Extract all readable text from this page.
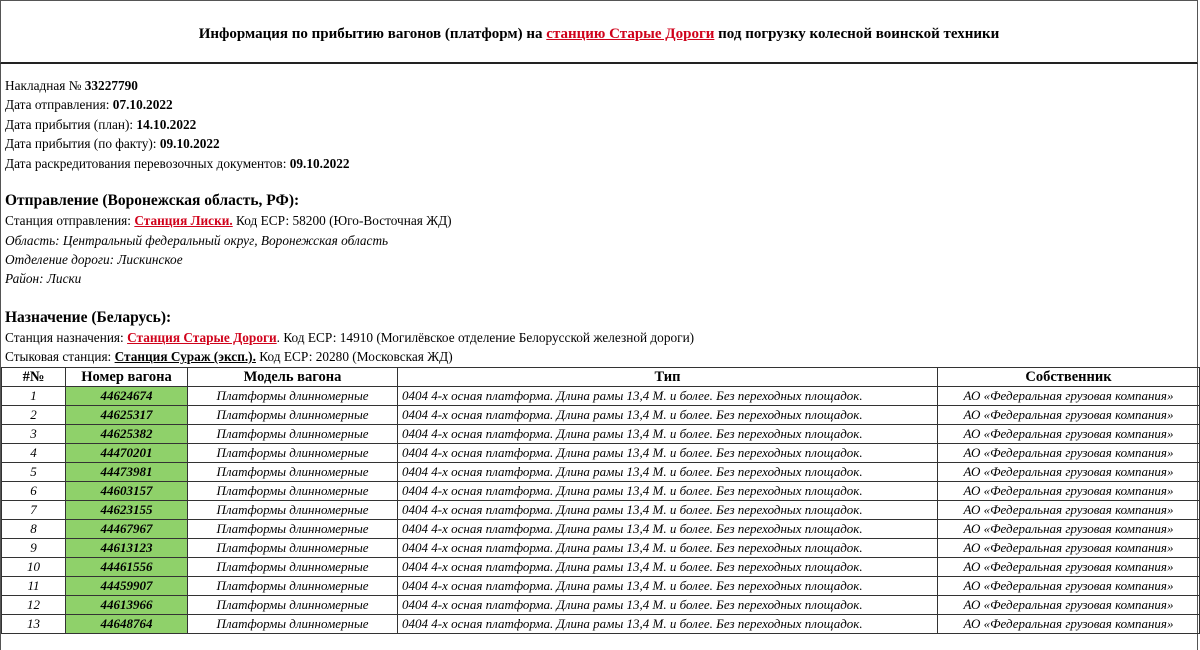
Информация по прибытию вагонов (платформ) на станцию Старые Дороги под погрузку колесной воинской техники
Накладная № 33227790
Дата отправления: 07.10.2022
Дата прибытия (план): 14.10.2022
Дата прибытия (по факту): 09.10.2022
Дата раскредитования перевозочных документов: 09.10.2022
Отправление (Воронежская область, РФ):
Станция отправления: Станция Лиски. Код ЕСР: 58200 (Юго-Восточная ЖД)
Область: Центральный федеральный округ, Воронежская область
Отделение дороги: Лискинское
Район: Лиски
Назначение (Беларусь):
Станция назначения: Станция Старые Дороги. Код ЕСР: 14910 (Могилёвское отделение Белорусской железной дороги)
Стыковая станция: Станция Сураж (эксп.). Код ЕСР: 20280 (Московская ЖД)
#№	Номер вагона	Модель вагона	Тип	Собственник
1	44624674	Платформы длинномерные	0404 4-х осная платформа. Длина рамы 13,4 М. и более. Без переходных площадок.	АО «Федеральная грузовая компания»
2	44625317	Платформы длинномерные	0404 4-х осная платформа. Длина рамы 13,4 М. и более. Без переходных площадок.	АО «Федеральная грузовая компания»
3	44625382	Платформы длинномерные	0404 4-х осная платформа. Длина рамы 13,4 М. и более. Без переходных площадок.	АО «Федеральная грузовая компания»
4	44470201	Платформы длинномерные	0404 4-х осная платформа. Длина рамы 13,4 М. и более. Без переходных площадок.	АО «Федеральная грузовая компания»
5	44473981	Платформы длинномерные	0404 4-х осная платформа. Длина рамы 13,4 М. и более. Без переходных площадок.	АО «Федеральная грузовая компания»
6	44603157	Платформы длинномерные	0404 4-х осная платформа. Длина рамы 13,4 М. и более. Без переходных площадок.	АО «Федеральная грузовая компания»
7	44623155	Платформы длинномерные	0404 4-х осная платформа. Длина рамы 13,4 М. и более. Без переходных площадок.	АО «Федеральная грузовая компания»
8	44467967	Платформы длинномерные	0404 4-х осная платформа. Длина рамы 13,4 М. и более. Без переходных площадок.	АО «Федеральная грузовая компания»
9	44613123	Платформы длинномерные	0404 4-х осная платформа. Длина рамы 13,4 М. и более. Без переходных площадок.	АО «Федеральная грузовая компания»
10	44461556	Платформы длинномерные	0404 4-х осная платформа. Длина рамы 13,4 М. и более. Без переходных площадок.	АО «Федеральная грузовая компания»
11	44459907	Платформы длинномерные	0404 4-х осная платформа. Длина рамы 13,4 М. и более. Без переходных площадок.	АО «Федеральная грузовая компания»
12	44613966	Платформы длинномерные	0404 4-х осная платформа. Длина рамы 13,4 М. и более. Без переходных площадок.	АО «Федеральная грузовая компания»
13	44648764	Платформы длинномерные	0404 4-х осная платформа. Длина рамы 13,4 М. и более. Без переходных площадок.	АО «Федеральная грузовая компания»
